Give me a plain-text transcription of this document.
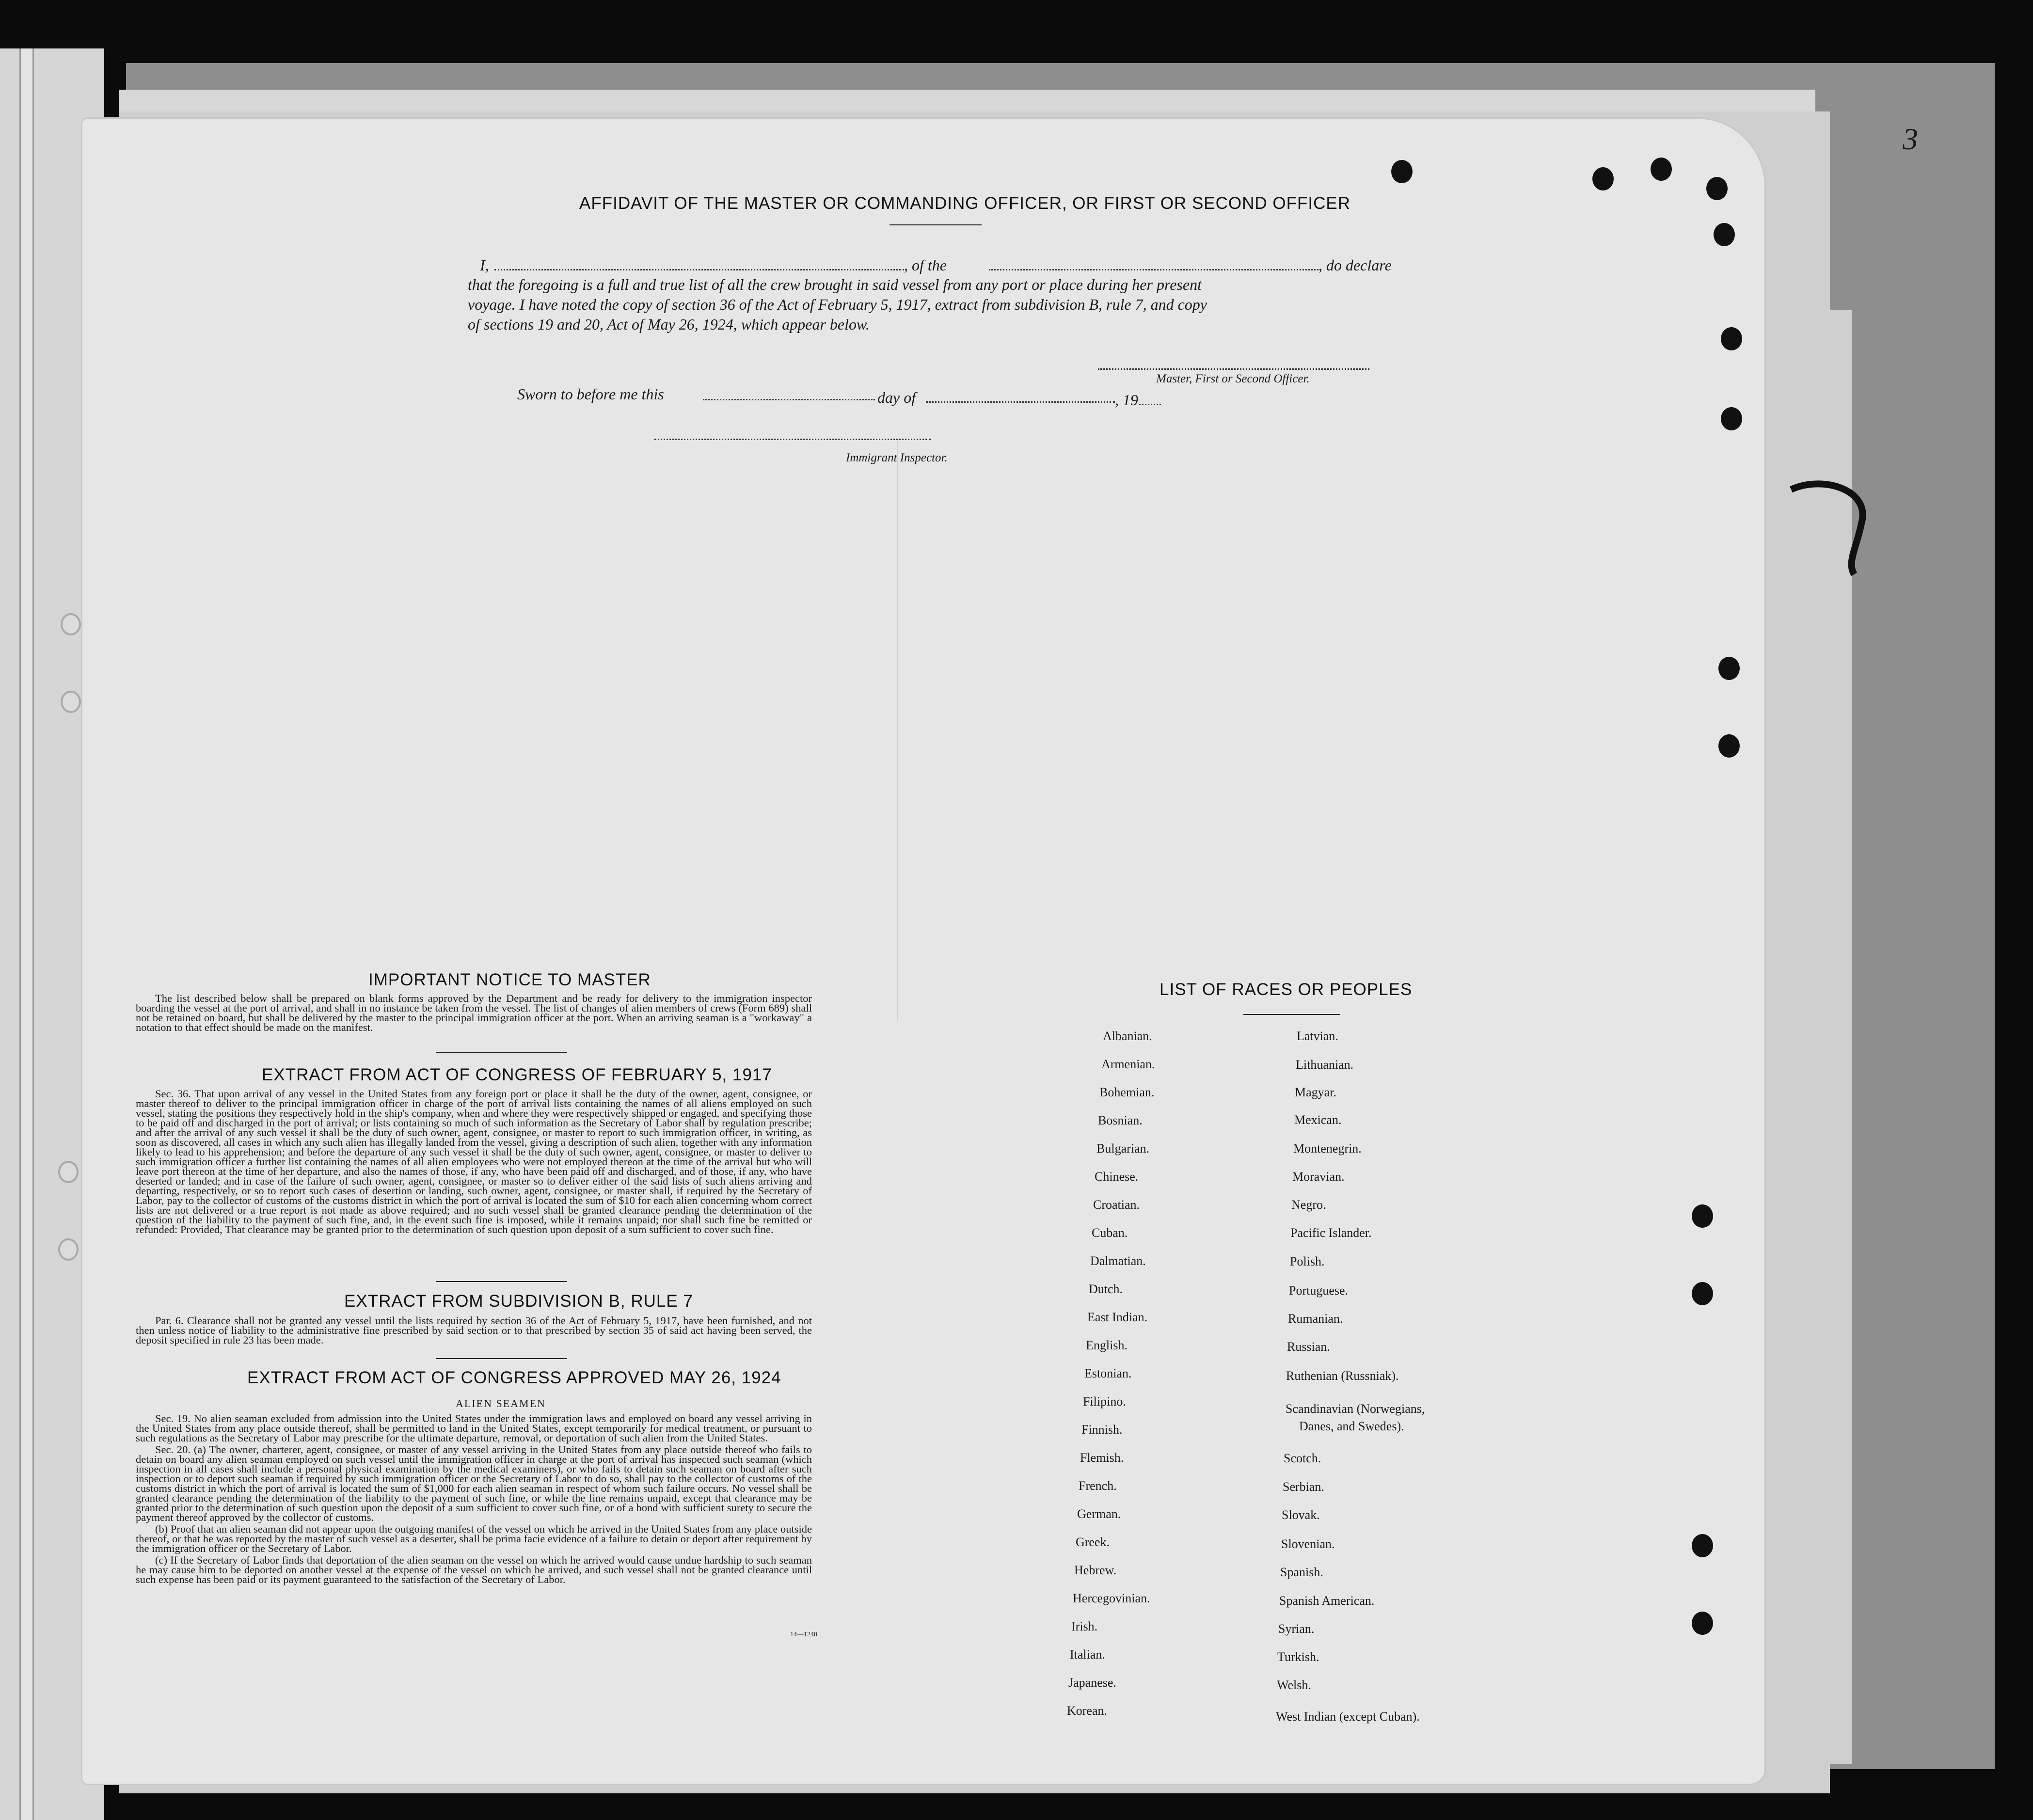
3
AFFIDAVIT OF THE MASTER OR COMMANDING OFFICER, OR FIRST OR SECOND OFFICER
I,	, of the	, do declare
that the foregoing is a full and true list of all the crew brought in said vessel from any port or place during her present
voyage. I have noted the copy of section 36 of the Act of February 5, 1917, extract from subdivision B, rule 7, and copy
of sections 19 and 20, Act of May 26, 1924, which appear below.
Master, First or Second Officer.
Sworn to before me this	day of	, 19
Immigrant Inspector.
IMPORTANT NOTICE TO MASTER

The list described below shall be prepared on blank forms approved by the Department and be ready for delivery to the immigration inspector boarding the vessel at the port of arrival, and shall in no instance be taken from the vessel. The list of changes of alien members of crews (Form 689) shall not be retained on board, but shall be delivered by the master to the principal immigration officer at the port. When an arriving seaman is a "workaway" a notation to that effect should be made on the manifest.

EXTRACT FROM ACT OF CONGRESS OF FEBRUARY 5, 1917

Sec. 36. That upon arrival of any vessel in the United States from any foreign port or place it shall be the duty of the owner, agent, consignee, or master thereof to deliver to the principal immigration officer in charge of the port of arrival lists containing the names of all aliens employed on such vessel, stating the positions they respectively hold in the ship's company, when and where they were respectively shipped or engaged, and specifying those to be paid off and discharged in the port of arrival; or lists containing so much of such information as the Secretary of Labor shall by regulation prescribe; and after the arrival of any such vessel it shall be the duty of such owner, agent, consignee, or master to report to such immigration officer, in writing, as soon as discovered, all cases in which any such alien has illegally landed from the vessel, giving a description of such alien, together with any information likely to lead to his apprehension; and before the departure of any such vessel it shall be the duty of such owner, agent, consignee, or master to deliver to such immigration officer a further list containing the names of all alien employees who were not employed thereon at the time of the arrival but who will leave port thereon at the time of her departure, and also the names of those, if any, who have been paid off and discharged, and of those, if any, who have deserted or landed; and in case of the failure of such owner, agent, consignee, or master so to deliver either of the said lists of such aliens arriving and departing, respectively, or so to report such cases of desertion or landing, such owner, agent, consignee, or master shall, if required by the Secretary of Labor, pay to the collector of customs of the customs district in which the port of arrival is located the sum of $10 for each alien concerning whom correct lists are not delivered or a true report is not made as above required; and no such vessel shall be granted clearance pending the determination of the question of the liability to the payment of such fine, and, in the event such fine is imposed, while it remains unpaid; nor shall such fine be remitted or refunded: Provided, That clearance may be granted prior to the determination of such question upon deposit of a sum sufficient to cover such fine.

EXTRACT FROM SUBDIVISION B, RULE 7

Par. 6. Clearance shall not be granted any vessel until the lists required by section 36 of the Act of February 5, 1917, have been furnished, and not then unless notice of liability to the administrative fine prescribed by said section or to that prescribed by section 35 of said act having been served, the deposit specified in rule 23 has been made.

EXTRACT FROM ACT OF CONGRESS APPROVED MAY 26, 1924
ALIEN SEAMEN

Sec. 19. No alien seaman excluded from admission into the United States under the immigration laws and employed on board any vessel arriving in the United States from any place outside thereof, shall be permitted to land in the United States, except temporarily for medical treatment, or pursuant to such regulations as the Secretary of Labor may prescribe for the ultimate departure, removal, or deportation of such alien from the United States.

Sec. 20. (a) The owner, charterer, agent, consignee, or master of any vessel arriving in the United States from any place outside thereof who fails to detain on board any alien seaman employed on such vessel until the immigration officer in charge at the port of arrival has inspected such seaman (which inspection in all cases shall include a personal physical examination by the medical examiners), or who fails to detain such seaman on board after such inspection or to deport such seaman if required by such immigration officer or the Secretary of Labor to do so, shall pay to the collector of customs of the customs district in which the port of arrival is located the sum of $1,000 for each alien seaman in respect of whom such failure occurs. No vessel shall be granted clearance pending the determination of the liability to the payment of such fine, or while the fine remains unpaid, except that clearance may be granted prior to the determination of such question upon the deposit of a sum sufficient to cover such fine, or of a bond with sufficient surety to secure the payment thereof approved by the collector of customs.

(b) Proof that an alien seaman did not appear upon the outgoing manifest of the vessel on which he arrived in the United States from any place outside thereof, or that he was reported by the master of such vessel as a deserter, shall be prima facie evidence of a failure to detain or deport after requirement by the immigration officer or the Secretary of Labor.

(c) If the Secretary of Labor finds that deportation of the alien seaman on the vessel on which he arrived would cause undue hardship to such seaman he may cause him to be deported on another vessel at the expense of the vessel on which he arrived, and such vessel shall not be granted clearance until such expense has been paid or its payment guaranteed to the satisfaction of the Secretary of Labor.

14—1240
LIST OF RACES OR PEOPLES
Albanian.
Armenian.
Bohemian.
Bosnian.
Bulgarian.
Chinese.
Croatian.
Cuban.
Dalmatian.
Dutch.
East Indian.
English.
Estonian.
Filipino.
Finnish.
Flemish.
French.
German.
Greek.
Hebrew.
Hercegovinian.
Irish.
Italian.
Japanese.
Korean.
Latvian.
Lithuanian.
Magyar.
Mexican.
Montenegrin.
Moravian.
Negro.
Pacific Islander.
Polish.
Portuguese.
Rumanian.
Russian.
Ruthenian (Russniak).
Scandinavian (Norwegians,
Danes, and Swedes).
Scotch.
Serbian.
Slovak.
Slovenian.
Spanish.
Spanish American.
Syrian.
Turkish.
Welsh.
West Indian (except Cuban).
